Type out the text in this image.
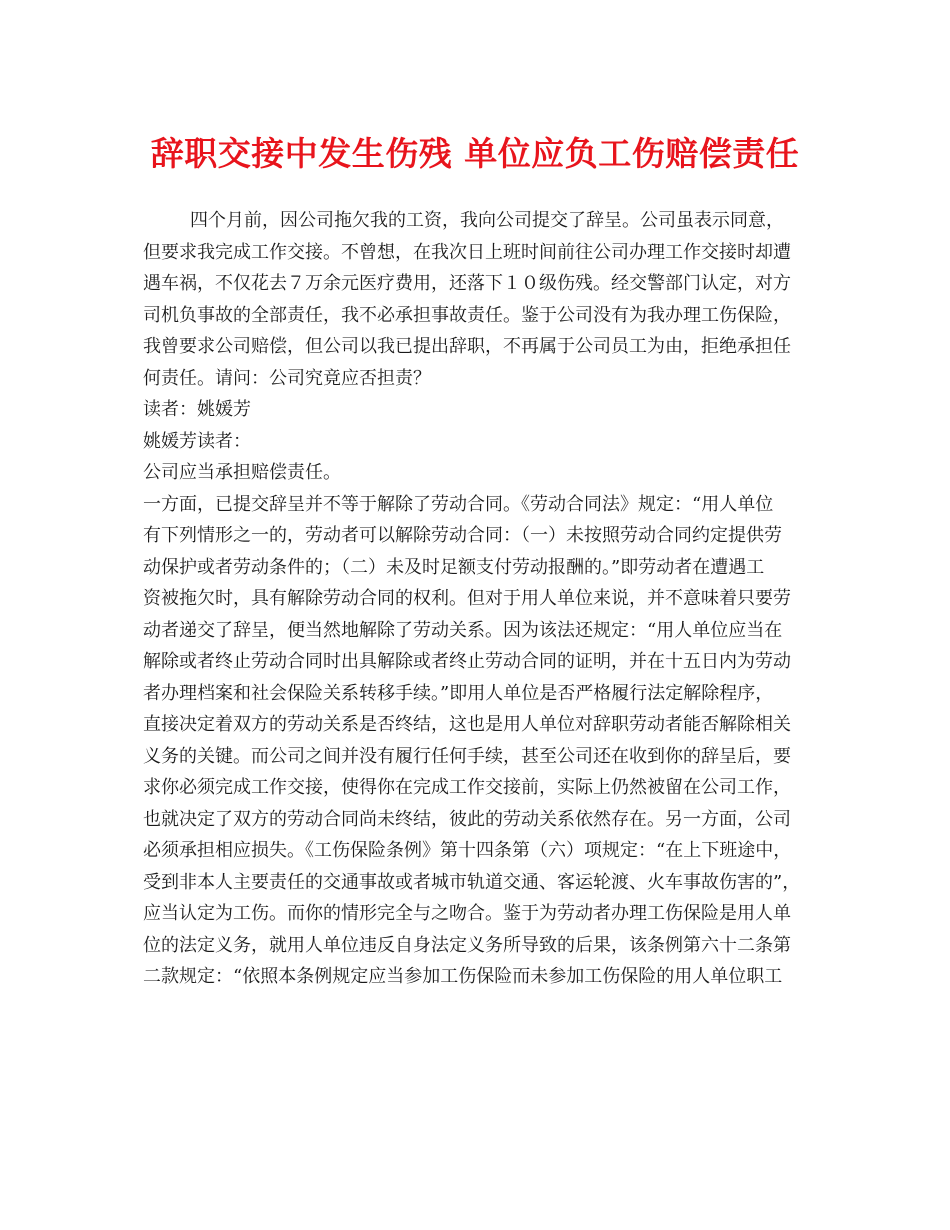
辞职交接中发生伤残 单位应负工伤赔偿责任
四个月前，因公司拖欠我的工资，我向公司提交了辞呈。公司虽表示同意，
但要求我完成工作交接。不曾想，在我次日上班时间前往公司办理工作交接时却遭
遇车祸，不仅花去７万余元医疗费用，还落下１０级伤残。经交警部门认定，对方
司机负事故的全部责任，我不必承担事故责任。鉴于公司没有为我办理工伤保险，
我曾要求公司赔偿，但公司以我已提出辞职，不再属于公司员工为由，拒绝承担任
何责任。请问：公司究竟应否担责？
读者：姚媛芳
姚媛芳读者：
公司应当承担赔偿责任。
一方面，已提交辞呈并不等于解除了劳动合同。《劳动合同法》规定：“用人单位
有下列情形之一的，劳动者可以解除劳动合同：（一）未按照劳动合同约定提供劳
动保护或者劳动条件的；（二）未及时足额支付劳动报酬的。”即劳动者在遭遇工
资被拖欠时，具有解除劳动合同的权利。但对于用人单位来说，并不意味着只要劳
动者递交了辞呈，便当然地解除了劳动关系。因为该法还规定：“用人单位应当在
解除或者终止劳动合同时出具解除或者终止劳动合同的证明，并在十五日内为劳动
者办理档案和社会保险关系转移手续。”即用人单位是否严格履行法定解除程序，
直接决定着双方的劳动关系是否终结，这也是用人单位对辞职劳动者能否解除相关
义务的关键。而公司之间并没有履行任何手续，甚至公司还在收到你的辞呈后，要
求你必须完成工作交接，使得你在完成工作交接前，实际上仍然被留在公司工作，
也就决定了双方的劳动合同尚未终结，彼此的劳动关系依然存在。另一方面，公司
必须承担相应损失。《工伤保险条例》第十四条第（六）项规定：“在上下班途中，
受到非本人主要责任的交通事故或者城市轨道交通、客运轮渡、火车事故伤害的”，
应当认定为工伤。而你的情形完全与之吻合。鉴于为劳动者办理工伤保险是用人单
位的法定义务，就用人单位违反自身法定义务所导致的后果，该条例第六十二条第
二款规定：“依照本条例规定应当参加工伤保险而未参加工伤保险的用人单位职工
